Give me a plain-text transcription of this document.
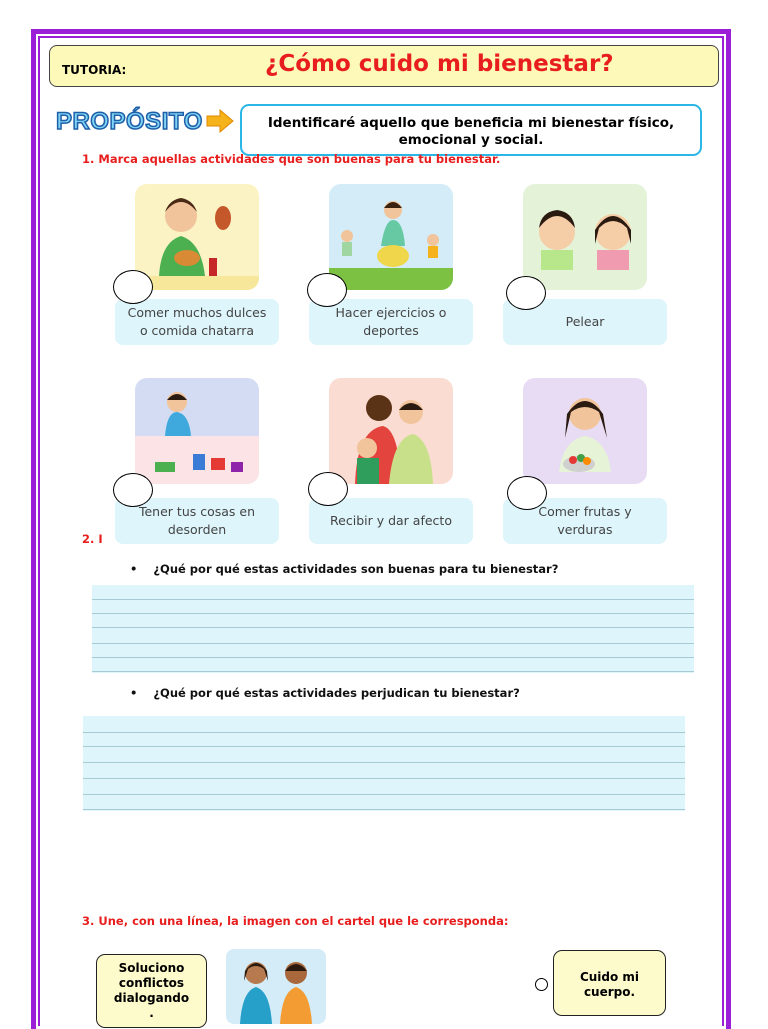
TUTORIA:	¿Cómo cuido mi bienestar?
PROPÓSITO	Identificaré aquello que beneficia mi bienestar físico,
emocional y social.
1. Marca aquellas actividades que son buenas para tu bienestar.
Comer muchos dulces
o comida chatarra
Hacer ejercicios o
deportes
Pelear
Tener tus cosas en
desorden
Recibir y dar afecto
Comer frutas y
verduras
2. I
•    ¿Qué por qué estas actividades son buenas para tu bienestar?
•    ¿Qué por qué estas actividades perjudican tu bienestar?
3. Une, con una línea, la imagen con el cartel que le corresponda:
Soluciono
conflictos
dialogando
.
Cuido mi
cuerpo.
